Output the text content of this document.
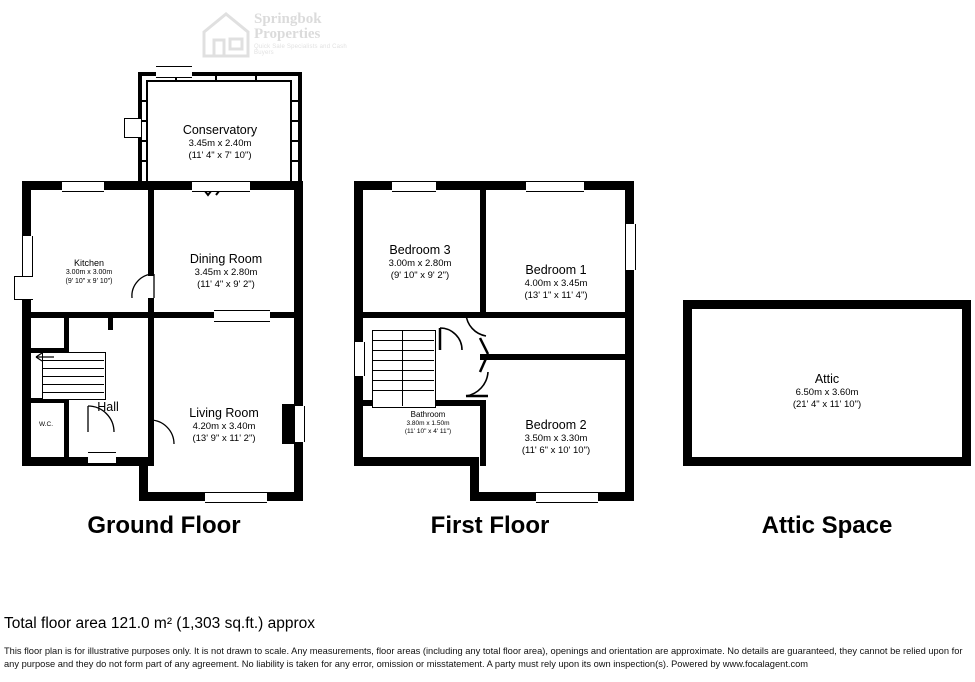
Springbok
Properties
Quick Sale Specialists and Cash Buyers
Conservatory
3.45m x 2.40m
(11' 4" x 7' 10")
Kitchen
3.00m x 3.00m
(9' 10" x 9' 10")
Dining Room
3.45m x 2.80m
(11' 4" x 9' 2")
Living Room
4.20m x 3.40m
(13' 9" x 11' 2")
Hall
W.C.
Ground Floor
Bathroom
3.80m x 1.50m
(11' 10" x 4' 11")
Bedroom 3
3.00m x 2.80m
(9' 10" x 9' 2")	Bedroom 1
4.00m x 3.45m
(13' 1" x 11' 4")
Bedroom 2
3.50m x 3.30m
(11' 6" x 10' 10")
First Floor
Attic
6.50m x 3.60m
(21' 4" x 11' 10")
Attic Space
Total floor area 121.0 m² (1,303 sq.ft.) approx
This floor plan is for illustrative purposes only. It is not drawn to scale. Any measurements, floor areas (including any total floor area), openings and orientation are approximate. No details are guaranteed, they cannot be relied upon for any purpose and they do not form part of any agreement. No liability is taken for any error, omission or misstatement. A party must rely upon its own inspection(s). Powered by www.focalagent.com
